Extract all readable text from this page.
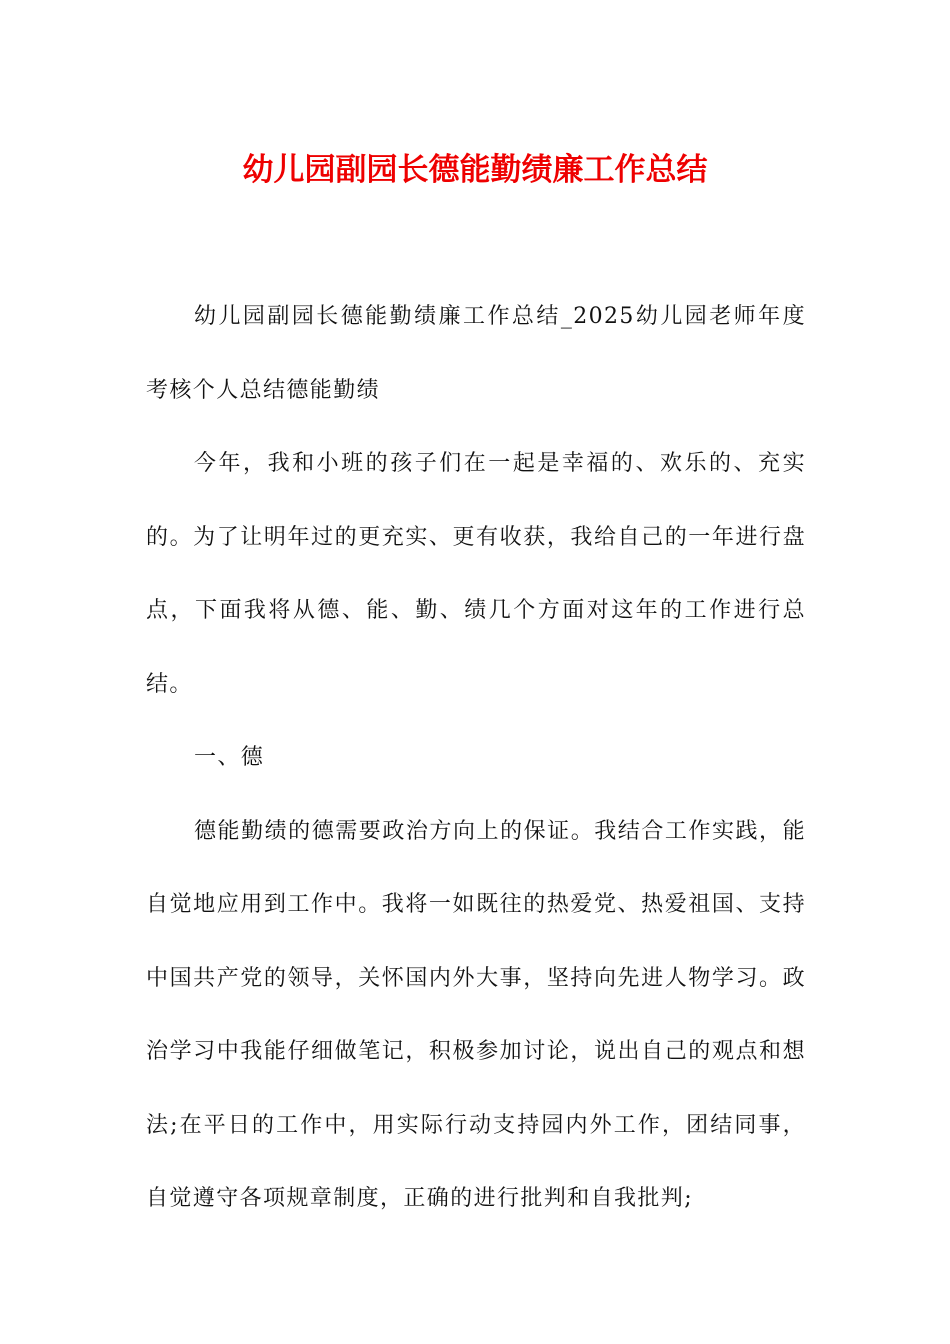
幼儿园副园长德能勤绩廉工作总结

幼儿园副园长德能勤绩廉工作总结_2025幼儿园老师年度考核个人总结德能勤绩

今年，我和小班的孩子们在一起是幸福的、欢乐的、充实的。为了让明年过的更充实、更有收获，我给自己的一年进行盘点，下面我将从德、能、勤、绩几个方面对这年的工作进行总结。

一、德

德能勤绩的德需要政治方向上的保证。我结合工作实践，能自觉地应用到工作中。我将一如既往的热爱党、热爱祖国、支持中国共产党的领导，关怀国内外大事，坚持向先进人物学习。政治学习中我能仔细做笔记，积极参加讨论，说出自己的观点和想法;在平日的工作中，用实际行动支持园内外工作，团结同事，自觉遵守各项规章制度，正确的进行批判和自我批判;
